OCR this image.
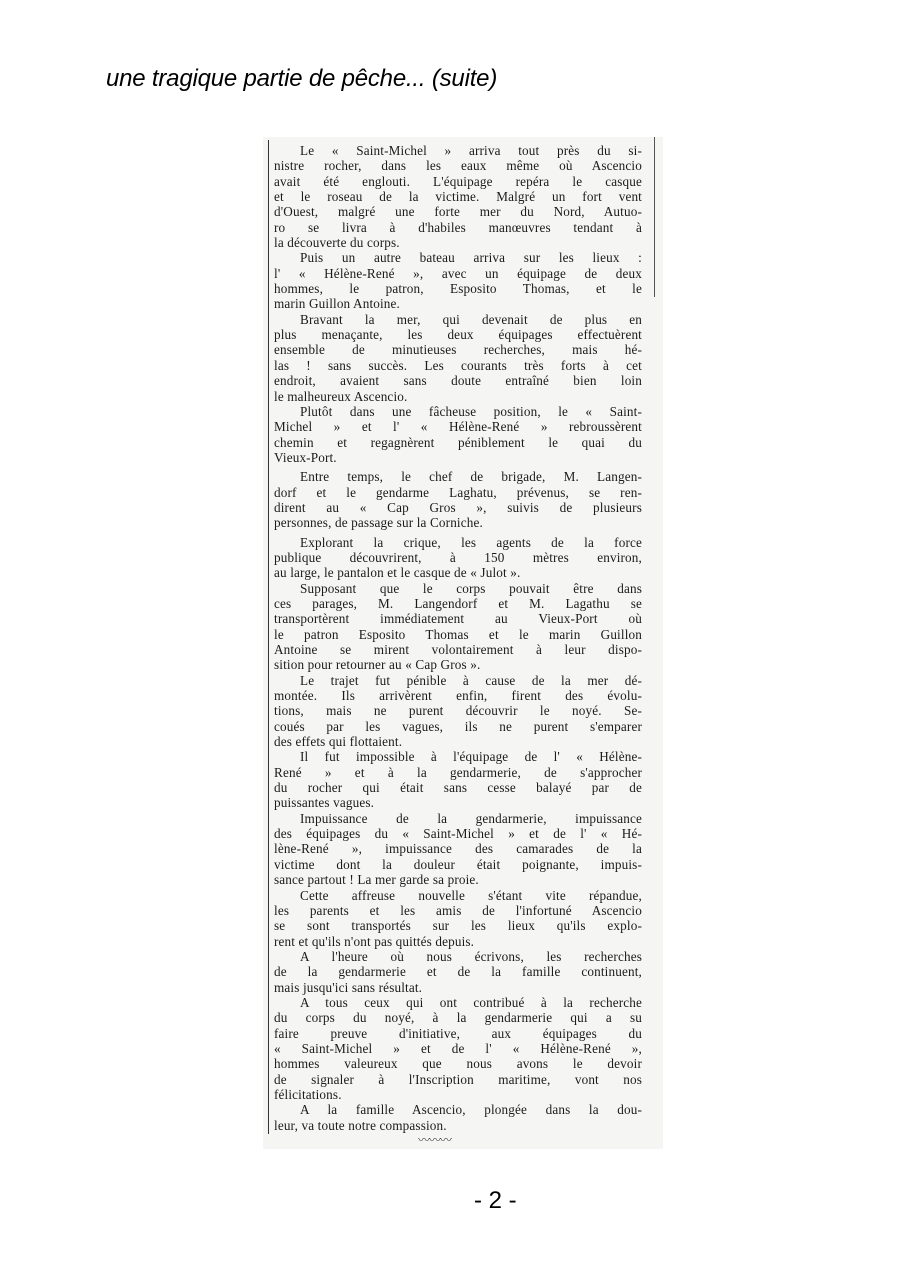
une tragique partie de pêche... (suite)
Le « Saint-Michel » arriva tout près du si-
nistre rocher, dans les eaux même où Ascencio
avait été englouti. L'équipage repéra le casque
et le roseau de la victime. Malgré un fort vent
d'Ouest, malgré une forte mer du Nord, Autuo-
ro se livra à d'habiles manœuvres tendant à
la découverte du corps.
Puis un autre bateau arriva sur les lieux :
l' « Hélène-René », avec un équipage de deux
hommes, le patron, Esposito Thomas, et le
marin Guillon Antoine.
Bravant la mer, qui devenait de plus en
plus menaçante, les deux équipages effectuèrent
ensemble de minutieuses recherches, mais hé-
las ! sans succès. Les courants très forts à cet
endroit, avaient sans doute entraîné bien loin
le malheureux Ascencio.
Plutôt dans une fâcheuse position, le « Saint-
Michel » et l' « Hélène-René » rebroussèrent
chemin et regagnèrent péniblement le quai du
Vieux-Port.
Entre temps, le chef de brigade, M. Langen-
dorf et le gendarme Laghatu, prévenus, se ren-
dirent au « Cap Gros », suivis de plusieurs
personnes, de passage sur la Corniche.
Explorant la crique, les agents de la force
publique découvrirent, à 150 mètres environ,
au large, le pantalon et le casque de « Julot ».
Supposant que le corps pouvait être dans
ces parages, M. Langendorf et M. Lagathu se
transportèrent immédiatement au Vieux-Port où
le patron Esposito Thomas et le marin Guillon
Antoine se mirent volontairement à leur dispo-
sition pour retourner au « Cap Gros ».
Le trajet fut pénible à cause de la mer dé-
montée. Ils arrivèrent enfin, firent des évolu-
tions, mais ne purent découvrir le noyé. Se-
coués par les vagues, ils ne purent s'emparer
des effets qui flottaient.
Il fut impossible à l'équipage de l' « Hélène-
René » et à la gendarmerie, de s'approcher
du rocher qui était sans cesse balayé par de
puissantes vagues.
Impuissance de la gendarmerie, impuissance
des équipages du « Saint-Michel » et de l' « Hé-
lène-René », impuissance des camarades de la
victime dont la douleur était poignante, impuis-
sance partout ! La mer garde sa proie.
Cette affreuse nouvelle s'étant vite répandue,
les parents et les amis de l'infortuné Ascencio
se sont transportés sur les lieux qu'ils explo-
rent et qu'ils n'ont pas quittés depuis.
A l'heure où nous écrivons, les recherches
de la gendarmerie et de la famille continuent,
mais jusqu'ici sans résultat.
A tous ceux qui ont contribué à la recherche
du corps du noyé, à la gendarmerie qui a su
faire preuve d'initiative, aux équipages du
« Saint-Michel » et de l' « Hélène-René »,
hommes valeureux que nous avons le devoir
de signaler à l'Inscription maritime, vont nos
félicitations.
A la famille Ascencio, plongée dans la dou-
leur, va toute notre compassion.
〰〰〰
- 2 -
